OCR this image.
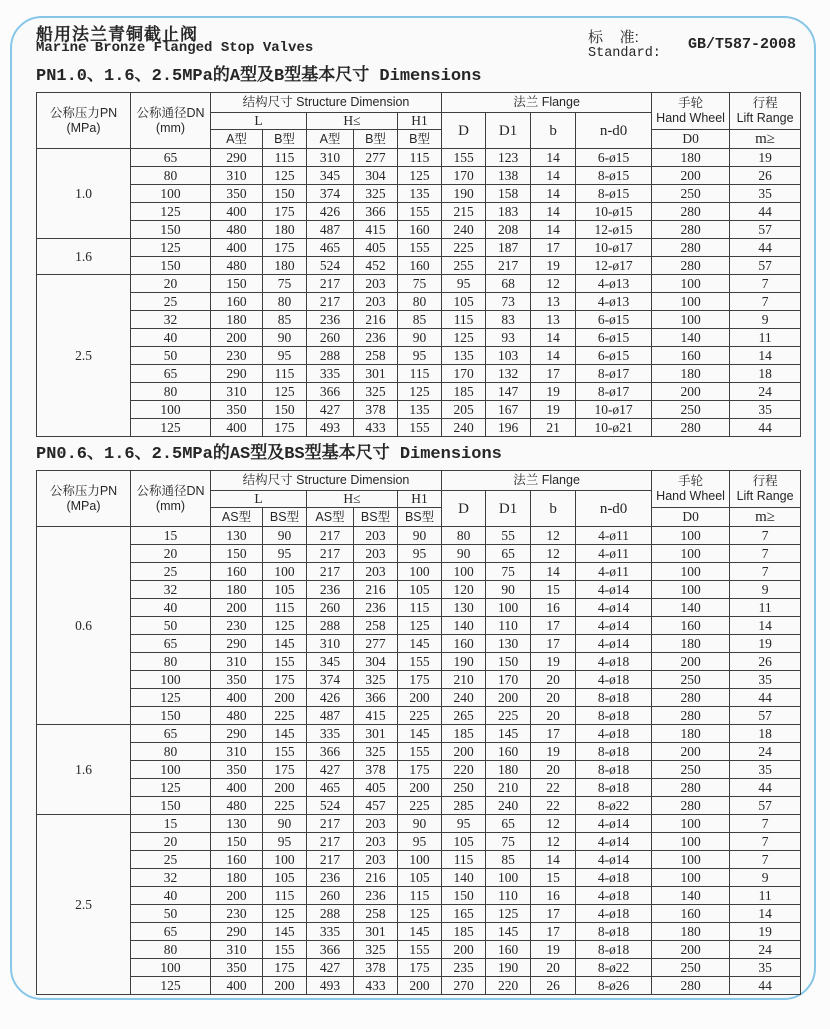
船用法兰青铜截止阀
Marine Bronze Flanged Stop Valves
标    准:
Standard:
GB/T587-2008
PN1.0、1.6、2.5MPa的A型及B型基本尺寸 Dimensions
公称压力PN
(MPa)	公称通径DN
(mm)	结构尺寸 Structure Dimension					法兰 Flange				手轮
Hand Wheel	行程
Lift Range
		L		H≤		H1	D	D1	b	n-d0		
		A型	B型	A型	B型	B型					D0	m≥
1.0	65	290	115	310	277	115	155	123	14	6-ø15	180	19
	80	310	125	345	304	125	170	138	14	8-ø15	200	26
	100	350	150	374	325	135	190	158	14	8-ø15	250	35
	125	400	175	426	366	155	215	183	14	10-ø15	280	44
	150	480	180	487	415	160	240	208	14	12-ø15	280	57
1.6	125	400	175	465	405	155	225	187	17	10-ø17	280	44
	150	480	180	524	452	160	255	217	19	12-ø17	280	57
2.5	20	150	75	217	203	75	95	68	12	4-ø13	100	7
	25	160	80	217	203	80	105	73	13	4-ø13	100	7
	32	180	85	236	216	85	115	83	13	6-ø15	100	9
	40	200	90	260	236	90	125	93	14	6-ø15	140	11
	50	230	95	288	258	95	135	103	14	6-ø15	160	14
	65	290	115	335	301	115	170	132	17	8-ø17	180	18
	80	310	125	366	325	125	185	147	19	8-ø17	200	24
	100	350	150	427	378	135	205	167	19	10-ø17	250	35
	125	400	175	493	433	155	240	196	21	10-ø21	280	44
PN0.6、1.6、2.5MPa的AS型及BS型基本尺寸 Dimensions
公称压力PN
(MPa)	公称通径DN
(mm)	结构尺寸 Structure Dimension					法兰 Flange				手轮
Hand Wheel	行程
Lift Range
		L		H≤		H1	D	D1	b	n-d0		
		AS型	BS型	AS型	BS型	BS型					D0	m≥
0.6	15	130	90	217	203	90	80	55	12	4-ø11	100	7
	20	150	95	217	203	95	90	65	12	4-ø11	100	7
	25	160	100	217	203	100	100	75	14	4-ø11	100	7
	32	180	105	236	216	105	120	90	15	4-ø14	100	9
	40	200	115	260	236	115	130	100	16	4-ø14	140	11
	50	230	125	288	258	125	140	110	17	4-ø14	160	14
	65	290	145	310	277	145	160	130	17	4-ø14	180	19
	80	310	155	345	304	155	190	150	19	4-ø18	200	26
	100	350	175	374	325	175	210	170	20	4-ø18	250	35
	125	400	200	426	366	200	240	200	20	8-ø18	280	44
	150	480	225	487	415	225	265	225	20	8-ø18	280	57
1.6	65	290	145	335	301	145	185	145	17	4-ø18	180	18
	80	310	155	366	325	155	200	160	19	8-ø18	200	24
	100	350	175	427	378	175	220	180	20	8-ø18	250	35
	125	400	200	465	405	200	250	210	22	8-ø18	280	44
	150	480	225	524	457	225	285	240	22	8-ø22	280	57
2.5	15	130	90	217	203	90	95	65	12	4-ø14	100	7
	20	150	95	217	203	95	105	75	12	4-ø14	100	7
	25	160	100	217	203	100	115	85	14	4-ø14	100	7
	32	180	105	236	216	105	140	100	15	4-ø18	100	9
	40	200	115	260	236	115	150	110	16	4-ø18	140	11
	50	230	125	288	258	125	165	125	17	4-ø18	160	14
	65	290	145	335	301	145	185	145	17	8-ø18	180	19
	80	310	155	366	325	155	200	160	19	8-ø18	200	24
	100	350	175	427	378	175	235	190	20	8-ø22	250	35
	125	400	200	493	433	200	270	220	26	8-ø26	280	44
